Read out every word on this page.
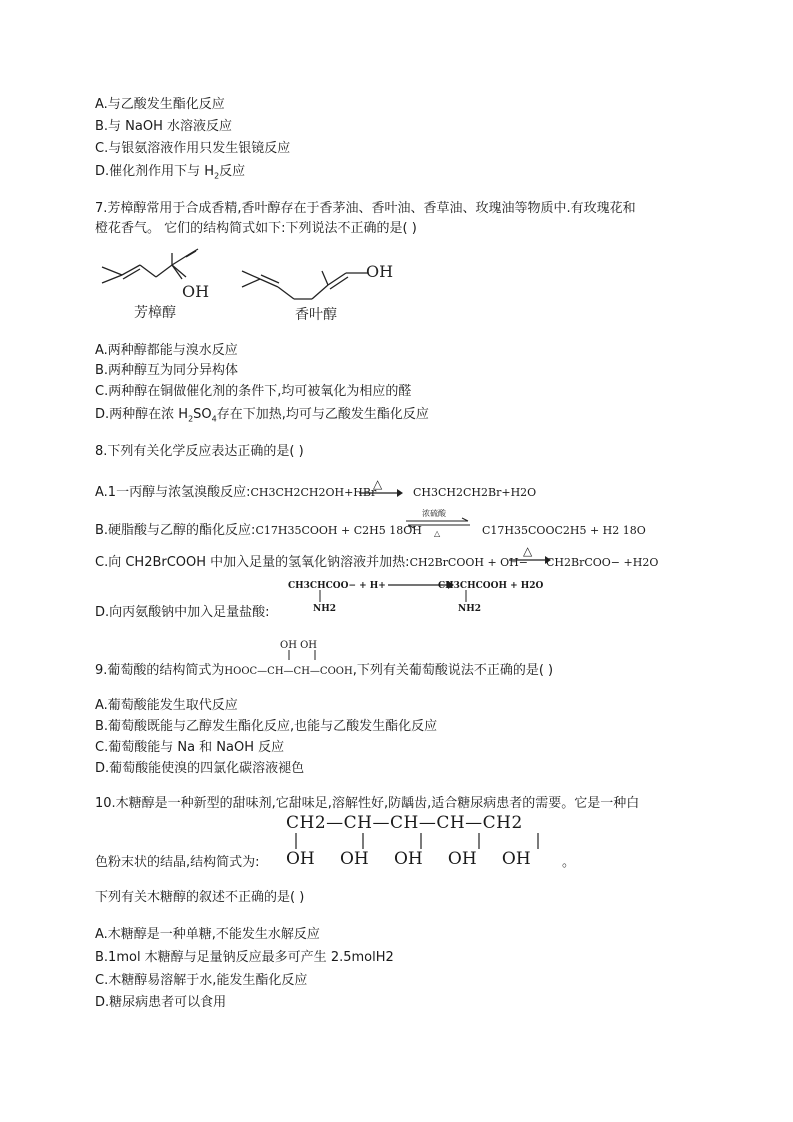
A.与乙酸发生酯化反应
B.与 NaOH 水溶液反应
C.与银氨溶液作用只发生银镜反应
D.催化剂作用下与 $H_2$反应
7.芳樟醇常用于合成香精,香叶醇存在于香茅油、香叶油、香草油、玫瑰油等物质中.有玫瑰花和
橙花香气。 它们的结构简式如下:下列说法不正确的是( )
OH
芳樟醇
OH
香叶醇
A.两种醇都能与溴水反应
B.两种醇互为同分异构体
C.两种醇在铜做催化剂的条件下,均可被氧化为相应的醛
D.两种醇在浓 $H_2SO_4$存在下加热,均可与乙酸发生酯化反应
8.下列有关化学反应表达正确的是( )
A.1一丙醇与浓氢溴酸反应:CH3CH2CH2OH+HBr
△
CH3CH2CH2Br+H2O
B.硬脂酸与乙醇的酯化反应:C17H35COOH + C2H5 18OH
浓硫酸
△	C17H35COOC2H5 + H2 18O
C.向 CH2BrCOOH 中加入足量的氢氧化钠溶液并加热:CH2BrCOOH + OH−
△
CH2BrCOO− +H2O
D.向丙氨酸钠中加入足量盐酸:
CH3CHCOO− + H+
NH2
CH3CHCOOH + H2O
NH2
OH OH
9.葡萄酸的结构简式为HOOC—CH—CH—COOH,下列有关葡萄酸说法不正确的是( )
A.葡萄酸能发生取代反应
B.葡萄酸既能与乙醇发生酯化反应,也能与乙酸发生酯化反应
C.葡萄酸能与 Na 和 NaOH 反应
D.葡萄酸能使溴的四氯化碳溶液褪色
10.木糖醇是一种新型的甜味剂,它甜味足,溶解性好,防龋齿,适合糖尿病患者的需要。它是一种白
CH2—CH—CH—CH—CH2
色粉末状的结晶,结构简式为: OH   OH   OH   OH   OH 。
下列有关木糖醇的叙述不正确的是( )
A.木糖醇是一种单糖,不能发生水解反应
B.1mol 木糖醇与足量钠反应最多可产生 2.5molH2
C.木糖醇易溶解于水,能发生酯化反应
D.糖尿病患者可以食用
